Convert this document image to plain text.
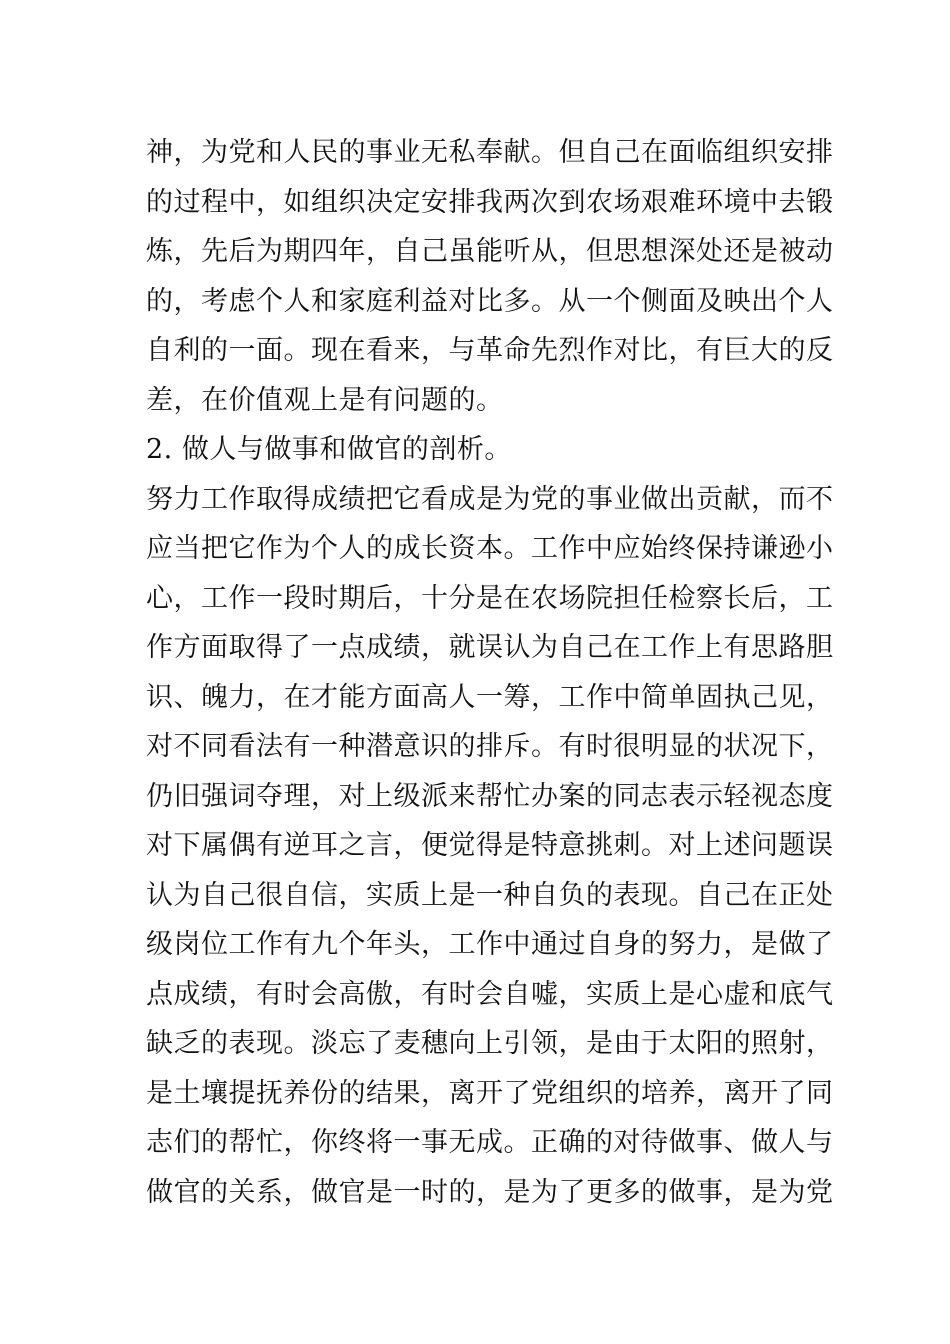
神，为党和人民的事业无私奉献。但自己在面临组织安排
的过程中，如组织决定安排我两次到农场艰难环境中去锻
炼，先后为期四年，自己虽能听从，但思想深处还是被动
的，考虑个人和家庭利益对比多。从一个侧面及映出个人
自利的一面。现在看来，与革命先烈作对比，有巨大的反
差，在价值观上是有问题的。
2. 做人与做事和做官的剖析。
努力工作取得成绩把它看成是为党的事业做出贡献，而不
应当把它作为个人的成长资本。工作中应始终保持谦逊小
心，工作一段时期后，十分是在农场院担任检察长后，工
作方面取得了一点成绩，就误认为自己在工作上有思路胆
识、魄力，在才能方面高人一筹，工作中简单固执己见，
对不同看法有一种潜意识的排斥。有时很明显的状况下，
仍旧强词夺理，对上级派来帮忙办案的同志表示轻视态度
对下属偶有逆耳之言，便觉得是特意挑刺。对上述问题误
认为自己很自信，实质上是一种自负的表现。自己在正处
级岗位工作有九个年头，工作中通过自身的努力，是做了
点成绩，有时会高傲，有时会自嘘，实质上是心虚和底气
缺乏的表现。淡忘了麦穗向上引领，是由于太阳的照射，
是土壤提抚养份的结果，离开了党组织的培养，离开了同
志们的帮忙，你终将一事无成。正确的对待做事、做人与
做官的关系，做官是一时的，是为了更多的做事，是为党
